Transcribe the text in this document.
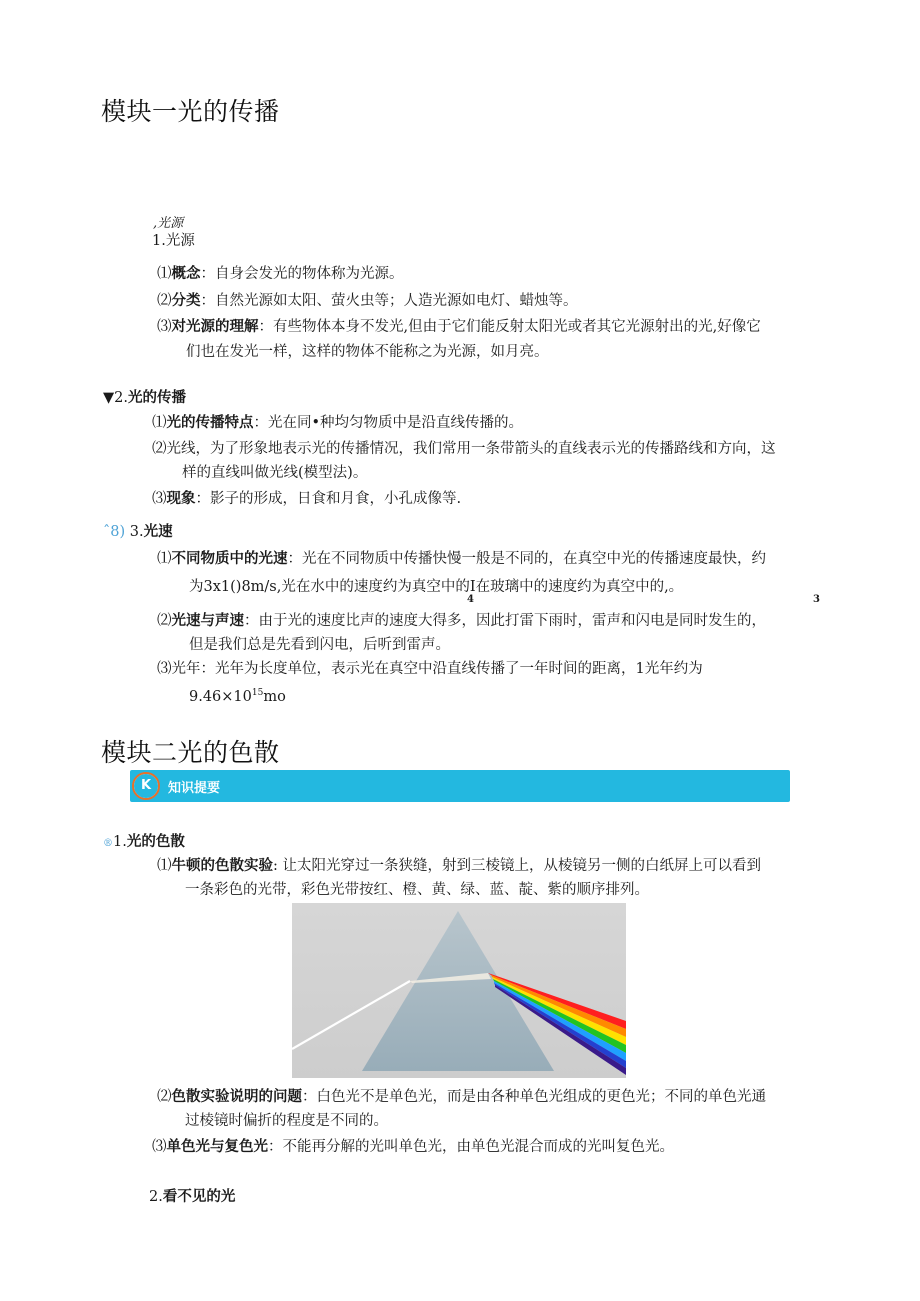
模块一光的传播
,光源
1.光源
⑴概念：自身会发光的物体称为光源。
⑵分类：自然光源如太阳、萤火虫等；人造光源如电灯、蜡烛等。
⑶对光源的理解：有些物体本身不发光,但由于它们能反射太阳光或者其它光源射出的光,好像它
们也在发光一样，这样的物体不能称之为光源，如月亮。
▼2.光的传播
⑴光的传播特点：光在同•种均匀物质中是沿直线传播的。
⑵光线，为了形象地表示光的传播情况，我们常用一条带箭头的直线表示光的传播路线和方向，这
样的直线叫做光线(模型法)。
⑶现象：影子的形成，日食和月食，小孔成像等.
ˆ8) 3.光速
⑴不同物质中的光速：光在不同物质中传播快慢一般是不同的，在真空中光的传播速度最快，约
为3x1()8m/s,光在水中的速度约为真空中的I在玻璃中的速度约为真空中的,。
4	3
⑵光速与声速：由于光的速度比声的速度大得多，因此打雷下雨时，雷声和闪电是同时发生的，
但是我们总是先看到闪电，后听到雷声。
⑶光年：光年为长度单位，表示光在真空中沿直线传播了一年时间的距离，1光年约为
$9.46\times 10^{15}mo$
模块二光的色散
K	知识提要
®1.光的色散
⑴牛顿的色散实验: 让太阳光穿过一条狭缝，射到三棱镜上，从棱镜另一侧的白纸屏上可以看到
一条彩色的光带，彩色光带按红、橙、黄、绿、蓝、靛、紫的顺序排列。
⑵色散实验说明的问题：白色光不是单色光，而是由各种单色光组成的更色光；不同的单色光通
过棱镜时偏折的程度是不同的。
⑶单色光与复色光：不能再分解的光叫单色光，由单色光混合而成的光叫复色光。
2.看不见的光
